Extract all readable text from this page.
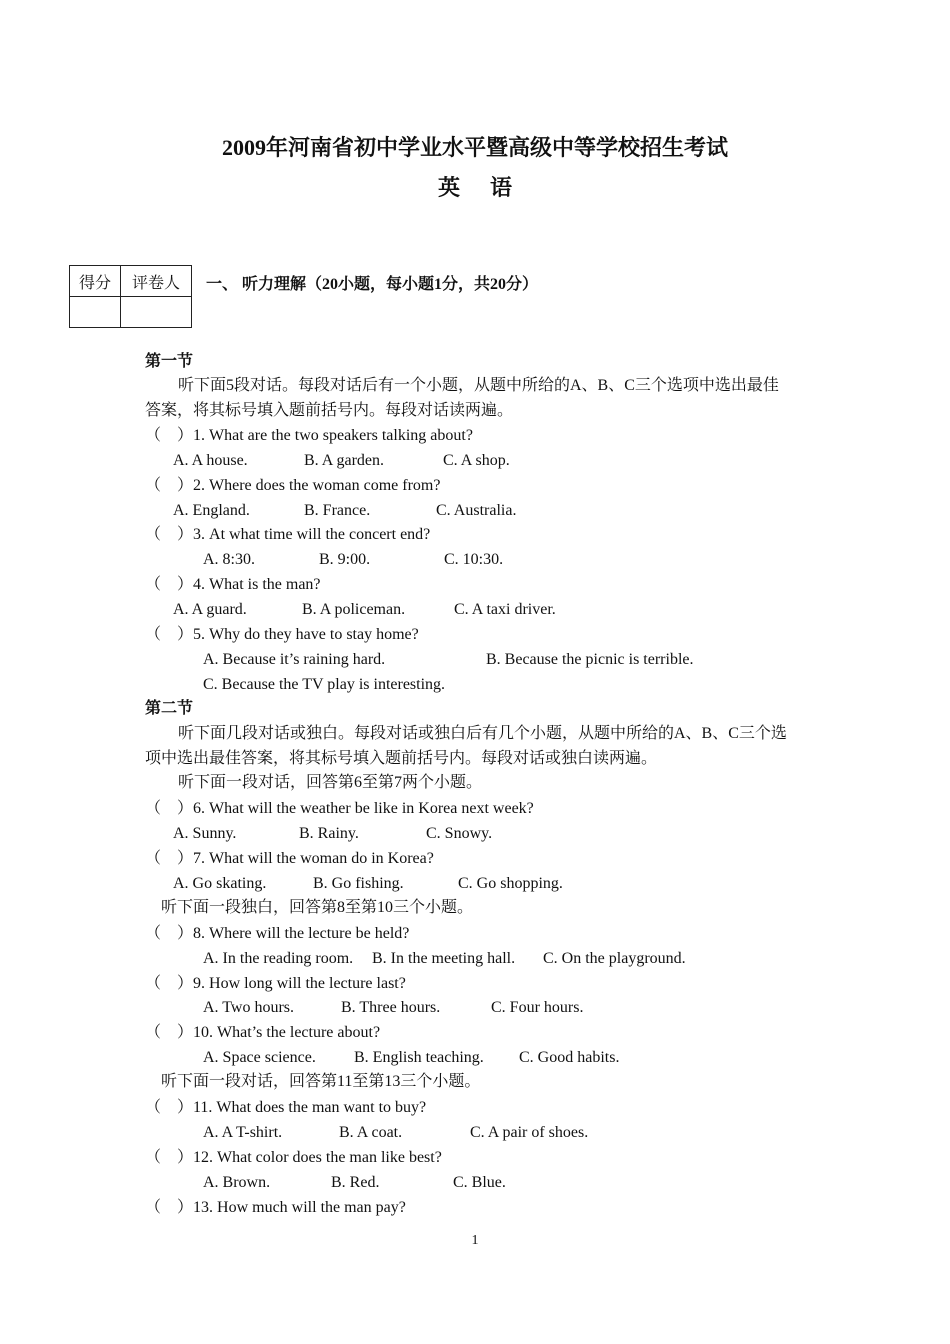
2009年河南省初中学业水平暨高级中等学校招生考试
英语
得分	评卷人
	一、 听力理解（20小题，每小题1分，共20分）
第一节
听下面5段对话。每段对话后有一个小题，从题中所给的A、B、C三个选项中选出最佳
答案，将其标号填入题前括号内。每段对话读两遍。
（　）1. What are the two speakers talking about?
A. A house.	B. A garden.	C. A shop.
（　）2. Where does the woman come from?
A. England.	B. France.	C. Australia.
（　）3. At what time will the concert end?
A. 8:30.	B. 9:00.	C. 10:30.
（　）4. What is the man?
A. A guard.	B. A policeman.	C. A taxi driver.
（　）5. Why do they have to stay home?
A. Because it’s raining hard.	B. Because the picnic is terrible.
C. Because the TV play is interesting.
第二节
听下面几段对话或独白。每段对话或独白后有几个小题，从题中所给的A、B、C三个选
项中选出最佳答案，将其标号填入题前括号内。每段对话或独白读两遍。
听下面一段对话，回答第6至第7两个小题。
（　）6. What will the weather be like in Korea next week?
A. Sunny.	B. Rainy.	C. Snowy.
（　）7. What will the woman do in Korea?
A. Go skating.	B. Go fishing.	C. Go shopping.
听下面一段独白，回答第8至第10三个小题。
（　）8. Where will the lecture be held?
A. In the reading room. B. In the meeting hall. C. On the playground.
（　）9. How long will the lecture last?
A. Two hours.	B. Three hours.	C. Four hours.
（　）10. What’s the lecture about?
A. Space science. B. English teaching. C. Good habits.
听下面一段对话，回答第11至第13三个小题。
（　）11. What does the man want to buy?
A. A T-shirt.	B. A coat.	C. A pair of shoes.
（　）12. What color does the man like best?
A. Brown.	B. Red.	C. Blue.
（　）13. How much will the man pay?
1
